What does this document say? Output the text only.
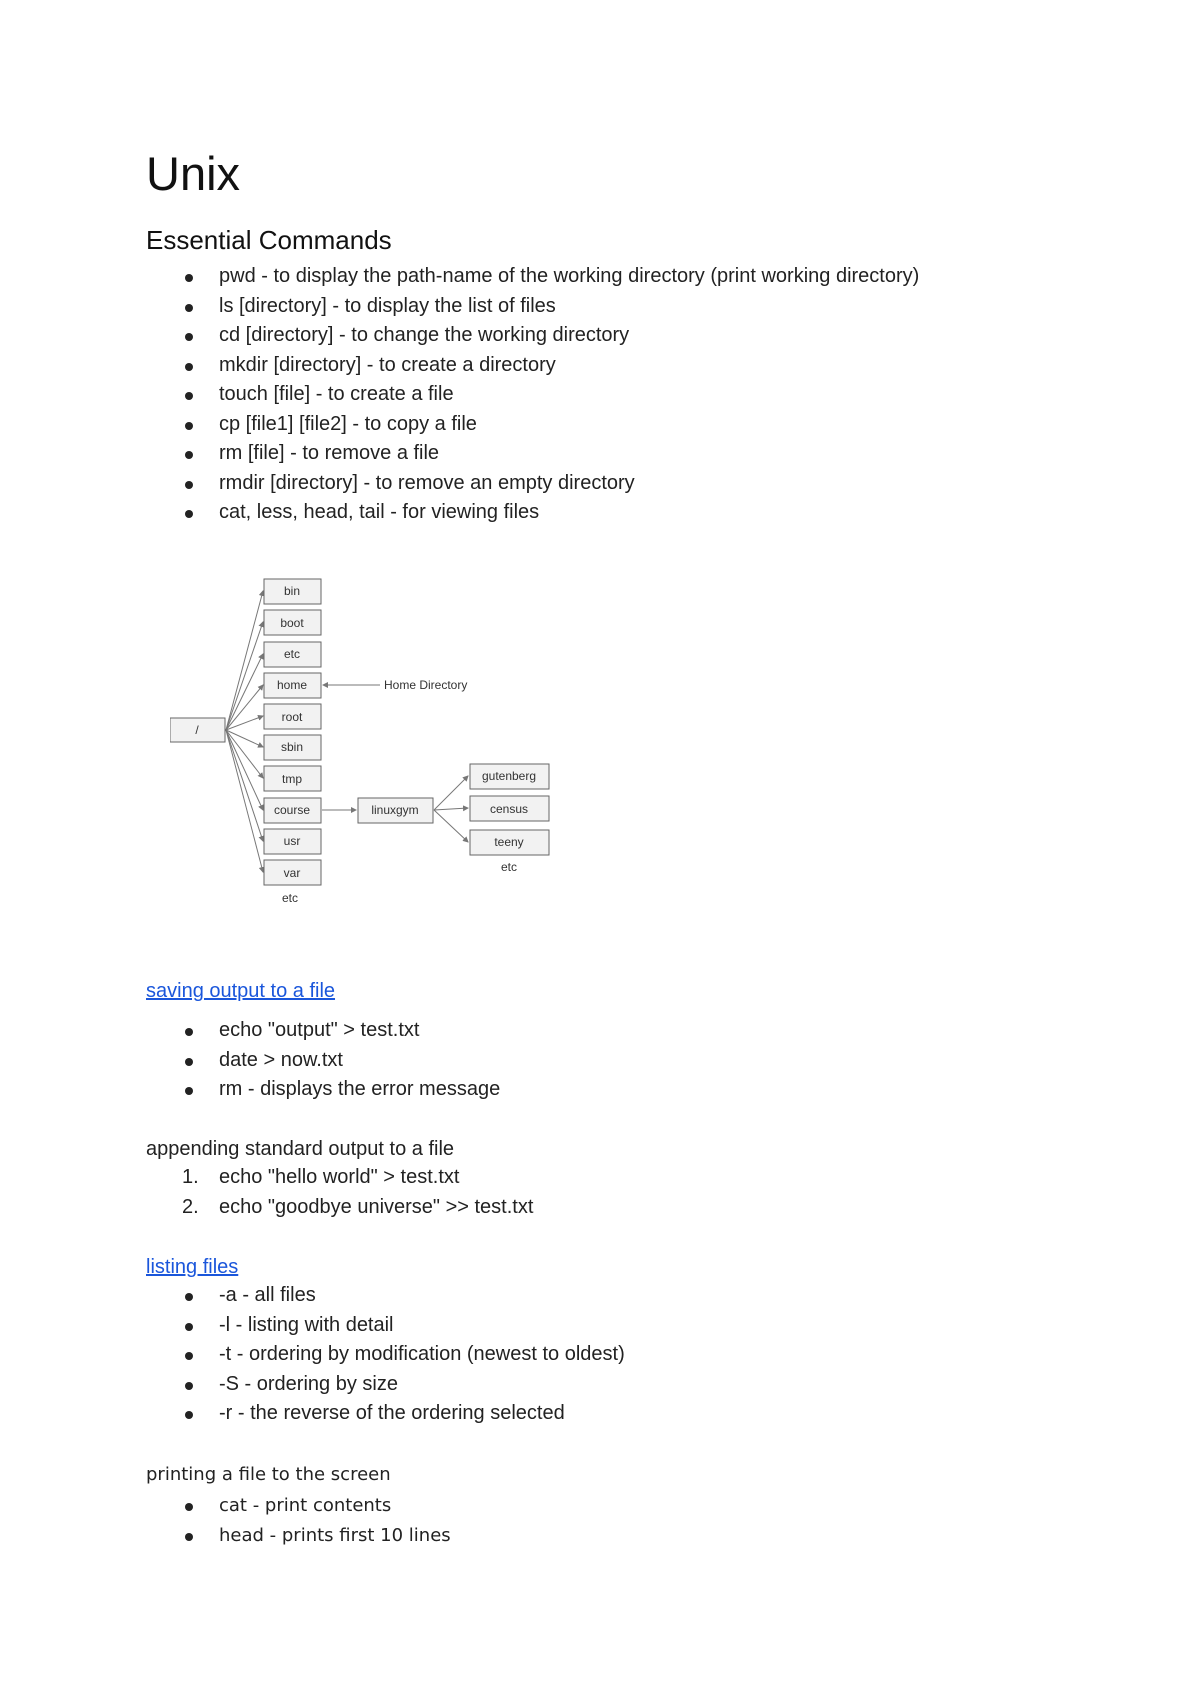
Unix
Essential Commands
pwd - to display the path-name of the working directory (print working directory)
ls [directory] - to display the list of files
cd [directory] - to change the working directory
mkdir [directory] - to create a directory
touch [file] - to create a file
cp [file1] [file2] - to copy a file
rm [file] - to remove a file
rmdir [directory] - to remove an empty directory
cat, less, head, tail - for viewing files
/
bin
boot
etc
home
root
sbin
tmp
course
usr
var
etc
Home Directory
linuxgym
gutenberg
census
teeny
etc
saving output to a file
echo "output" > test.txt
date > now.txt
rm - displays the error message
appending standard output to a file
1. echo "hello world" > test.txt
2. echo "goodbye universe" >> test.txt
listing files
-a - all files
-l - listing with detail
-t - ordering by modification (newest to oldest)
-S - ordering by size
-r - the reverse of the ordering selected
printing a file to the screen
cat - print contents
head - prints first 10 lines
